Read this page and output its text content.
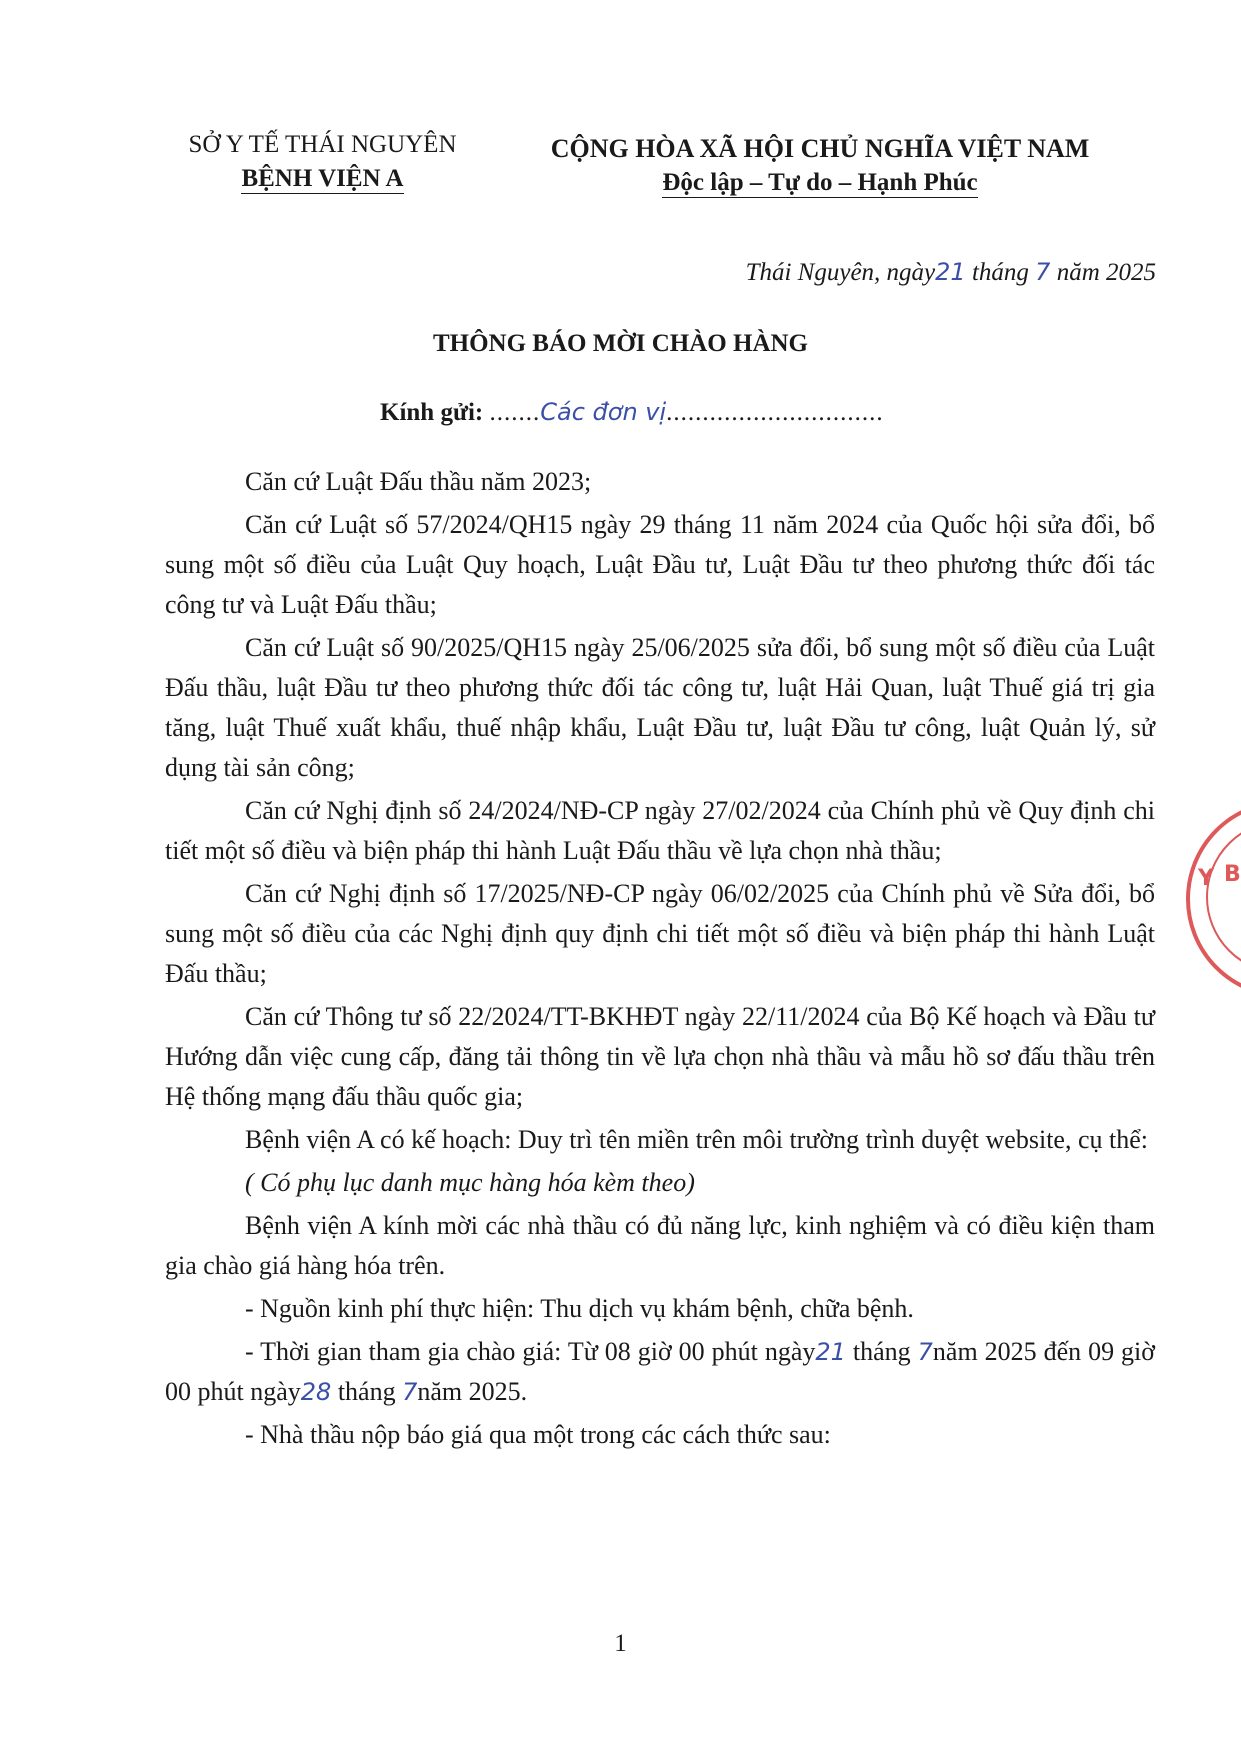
SỞ Y TẾ THÁI NGUYÊN
BỆNH VIỆN A
CỘNG HÒA XÃ HỘI CHỦ NGHĨA VIỆT NAM
Độc lập – Tự do – Hạnh Phúc
Thái Nguyên, ngày21 tháng 7 năm 2025
THÔNG BÁO MỜI CHÀO HÀNG
Kính gửi: .......Các đơn vị..............................

Căn cứ Luật Đấu thầu năm 2023;

Căn cứ Luật số 57/2024/QH15 ngày 29 tháng 11 năm 2024 của Quốc hội sửa đổi, bổ sung một số điều của Luật Quy hoạch, Luật Đầu tư, Luật Đầu tư theo phương thức đối tác công tư và Luật Đấu thầu;

Căn cứ Luật số 90/2025/QH15 ngày 25/06/2025 sửa đổi, bổ sung một số điều của Luật Đấu thầu, luật Đầu tư theo phương thức đối tác công tư, luật Hải Quan, luật Thuế giá trị gia tăng, luật Thuế xuất khẩu, thuế nhập khẩu, Luật Đầu tư, luật Đầu tư công, luật Quản lý, sử dụng tài sản công;

Căn cứ Nghị định số 24/2024/NĐ-CP ngày 27/02/2024 của Chính phủ về Quy định chi tiết một số điều và biện pháp thi hành Luật Đấu thầu về lựa chọn nhà thầu;

Căn cứ Nghị định số 17/2025/NĐ-CP ngày 06/02/2025 của Chính phủ về Sửa đổi, bổ sung một số điều của các Nghị định quy định chi tiết một số điều và biện pháp thi hành Luật Đấu thầu;

Căn cứ Thông tư số 22/2024/TT-BKHĐT ngày 22/11/2024 của Bộ Kế hoạch và Đầu tư Hướng dẫn việc cung cấp, đăng tải thông tin về lựa chọn nhà thầu và mẫu hồ sơ đấu thầu trên Hệ thống mạng đấu thầu quốc gia;

Bệnh viện A có kế hoạch: Duy trì tên miền trên môi trường trình duyệt website, cụ thể:

( Có phụ lục danh mục hàng hóa kèm theo)

Bệnh viện A kính mời các nhà thầu có đủ năng lực, kinh nghiệm và có điều kiện tham gia chào giá hàng hóa trên.

- Nguồn kinh phí thực hiện: Thu dịch vụ khám bệnh, chữa bệnh.

- Thời gian tham gia chào giá: Từ 08 giờ 00 phút ngày21 tháng 7năm 2025 đến 09 giờ 00 phút ngày28 tháng 7năm 2025.

- Nhà thầu nộp báo giá qua một trong các cách thức sau:

1
Y B
